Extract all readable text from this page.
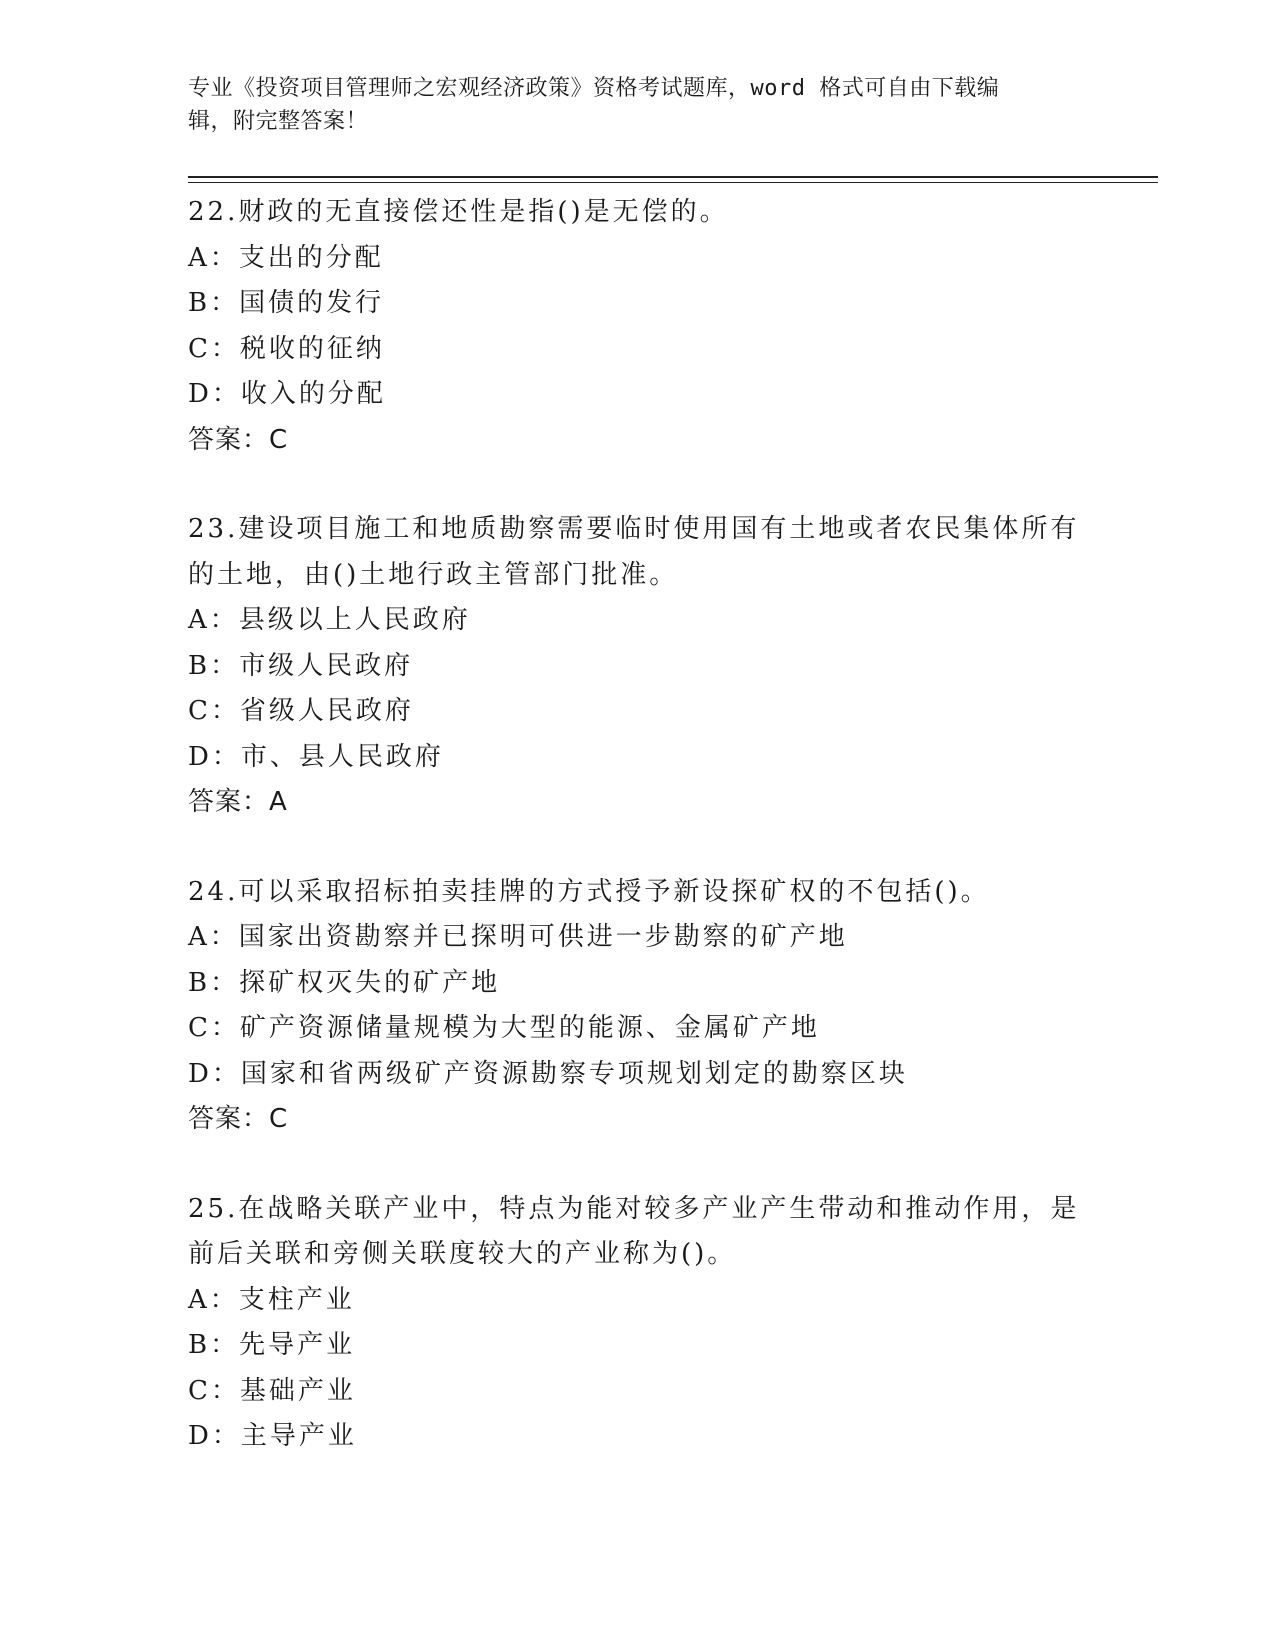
专业《投资项目管理师之宏观经济政策》资格考试题库，word 格式可自由下载编
辑，附完整答案！

22.财政的无直接偿还性是指()是无偿的。

A：支出的分配

B：国债的发行

C：税收的征纳

D：收入的分配

答案：C

23.建设项目施工和地质勘察需要临时使用国有土地或者农民集体所有的土地，由()土地行政主管部门批准。

A：县级以上人民政府

B：市级人民政府

C：省级人民政府

D：市、县人民政府

答案：A

24.可以采取招标拍卖挂牌的方式授予新设探矿权的不包括()。

A：国家出资勘察并已探明可供进一步勘察的矿产地

B：探矿权灭失的矿产地

C：矿产资源储量规模为大型的能源、金属矿产地

D：国家和省两级矿产资源勘察专项规划划定的勘察区块

答案：C

25.在战略关联产业中，特点为能对较多产业产生带动和推动作用，是前后关联和旁侧关联度较大的产业称为()。

A：支柱产业

B：先导产业

C：基础产业

D：主导产业
